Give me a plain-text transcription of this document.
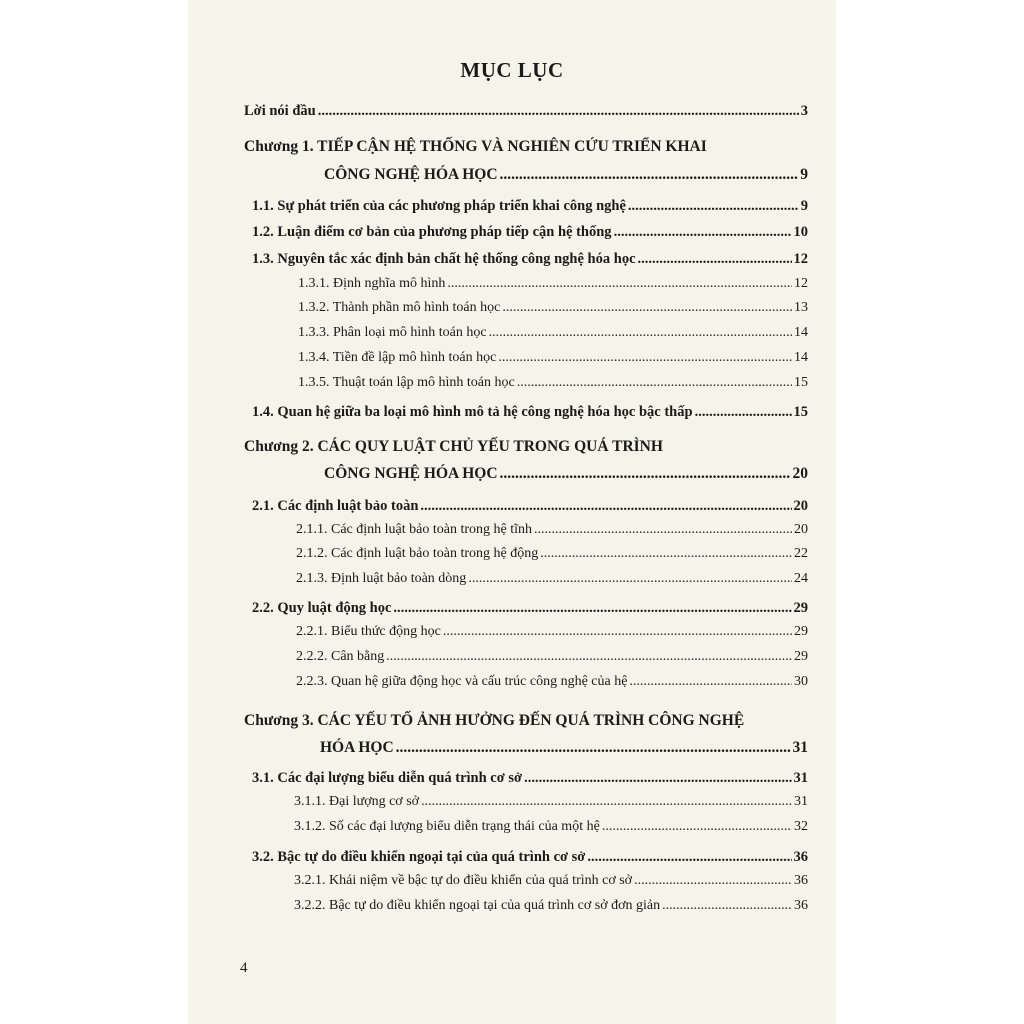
MỤC LỤC
Lời nói đầu .....	3
Chương 1. TIẾP CẬN HỆ THỐNG VÀ NGHIÊN CỨU TRIỂN KHAI
CÔNG NGHỆ HÓA HỌC .....	9
1.1. Sự phát triển của các phương pháp triển khai công nghệ .....	9
1.2. Luận điểm cơ bản của phương pháp tiếp cận hệ thống .....	10
1.3. Nguyên tắc xác định bản chất hệ thống công nghệ hóa học .....	12
1.3.1. Định nghĩa mô hình .....	12
1.3.2. Thành phần mô hình toán học .....	13
1.3.3. Phân loại mô hình toán học .....	14
1.3.4. Tiền đề lập mô hình toán học .....	14
1.3.5. Thuật toán lập mô hình toán học .....	15
1.4. Quan hệ giữa ba loại mô hình mô tả hệ công nghệ hóa học bậc thấp .....	15
Chương 2. CÁC QUY LUẬT CHỦ YẾU TRONG QUÁ TRÌNH
CÔNG NGHỆ HÓA HỌC .....	20
2.1. Các định luật bảo toàn .....	20
2.1.1. Các định luật bảo toàn trong hệ tĩnh .....	20
2.1.2. Các định luật bảo toàn trong hệ động .....	22
2.1.3. Định luật bảo toàn dòng .....	24
2.2. Quy luật động học .....	29
2.2.1. Biểu thức động học .....	29
2.2.2. Cân bằng .....	29
2.2.3. Quan hệ giữa động học và cấu trúc công nghệ của hệ .....	30
Chương 3. CÁC YẾU TỐ ẢNH HƯỞNG ĐẾN QUÁ TRÌNH CÔNG NGHỆ
HÓA HỌC .....	31
3.1. Các đại lượng biểu diễn quá trình cơ sở .....	31
3.1.1. Đại lượng cơ sở .....	31
3.1.2. Số các đại lượng biểu diễn trạng thái của một hệ .....	32
3.2. Bậc tự do điều khiển ngoại tại của quá trình cơ sở .....	36
3.2.1. Khái niệm về bậc tự do điều khiển của quá trình cơ sở .....	36
3.2.2. Bậc tự do điều khiển ngoại tại của quá trình cơ sở đơn giản .....	36
4
